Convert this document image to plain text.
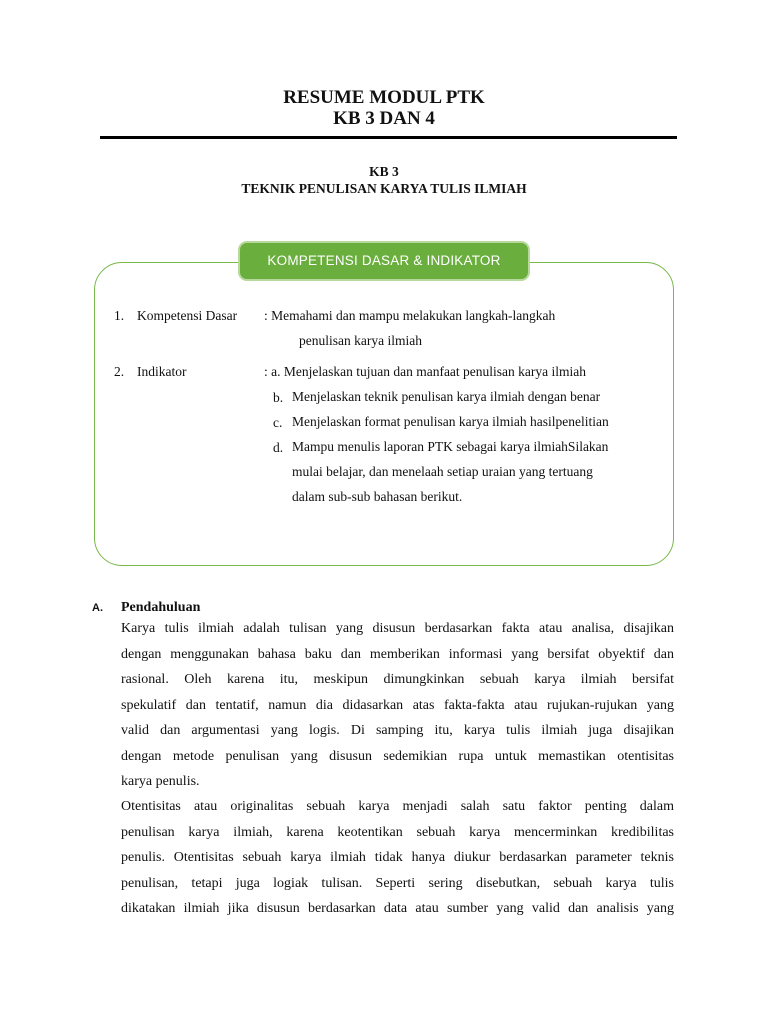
RESUME MODUL PTK
KB 3 DAN 4
KB 3
TEKNIK PENULISAN KARYA TULIS ILMIAH
KOMPETENSI DASAR & INDIKATOR
1. Kompetensi Dasar : Memahami dan mampu melakukan langkah-langkah
penulisan karya ilmiah
2. Indikator	: a. Menjelaskan tujuan dan manfaat penulisan karya ilmiah
b. Menjelaskan teknik penulisan karya ilmiah dengan benar
c. Menjelaskan format penulisan karya ilmiah hasilpenelitian
d. Mampu menulis laporan PTK sebagai karya ilmiahSilakan
mulai belajar, dan menelaah setiap uraian yang tertuang
dalam sub-sub bahasan berikut.
A. Pendahuluan
Karya tulis ilmiah adalah tulisan yang disusun berdasarkan fakta atau analisa, disajikan
dengan menggunakan bahasa baku dan memberikan informasi yang bersifat obyektif dan
rasional. Oleh karena itu, meskipun dimungkinkan sebuah karya ilmiah bersifat
spekulatif dan tentatif, namun dia didasarkan atas fakta-fakta atau rujukan-rujukan yang
valid dan argumentasi yang logis. Di samping itu, karya tulis ilmiah juga disajikan
dengan metode penulisan yang disusun sedemikian rupa untuk memastikan otentisitas
karya penulis.
Otentisitas atau originalitas sebuah karya menjadi salah satu faktor penting dalam
penulisan karya ilmiah, karena keotentikan sebuah karya mencerminkan kredibilitas
penulis. Otentisitas sebuah karya ilmiah tidak hanya diukur berdasarkan parameter teknis
penulisan, tetapi juga logiak tulisan. Seperti sering disebutkan, sebuah karya tulis
dikatakan ilmiah jika disusun berdasarkan data atau sumber yang valid dan analisis yang
